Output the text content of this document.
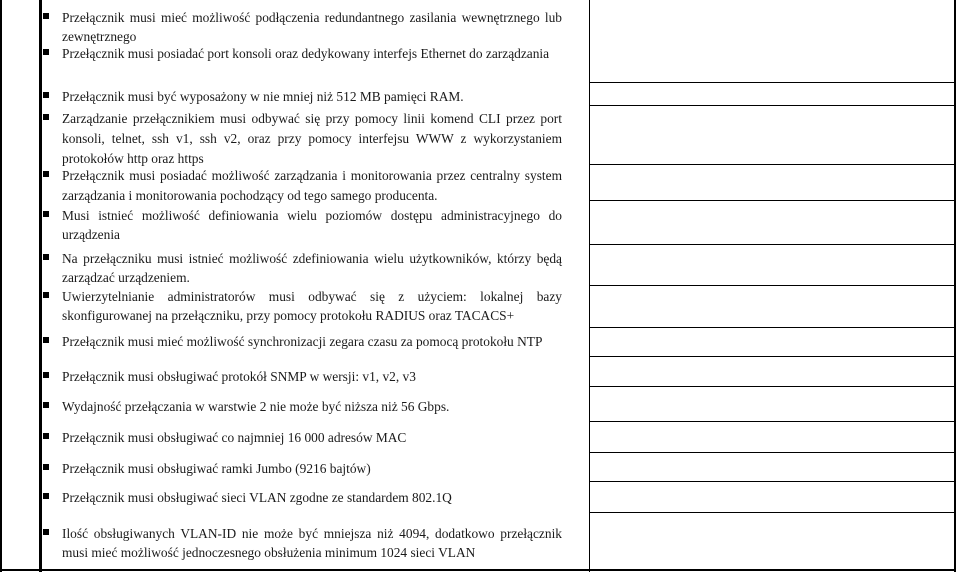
Przełącznik musi mieć możliwość podłączenia redundantnego zasilania wewnętrznego lub zewnętrznego
Przełącznik musi posiadać port konsoli oraz dedykowany interfejs Ethernet do zarządzania
Przełącznik musi być wyposażony w nie mniej niż 512 MB pamięci RAM.
Zarządzanie przełącznikiem musi odbywać się przy pomocy linii komend CLI przez port konsoli, telnet, ssh v1, ssh v2, oraz przy pomocy interfejsu WWW z wykorzystaniem protokołów http oraz https
Przełącznik musi posiadać możliwość zarządzania i monitorowania przez centralny system zarządzania i monitorowania pochodzący od tego samego producenta.
Musi istnieć możliwość definiowania wielu poziomów dostępu administracyjnego do urządzenia
Na przełączniku musi istnieć możliwość zdefiniowania wielu użytkowników, którzy będą zarządzać urządzeniem.
Uwierzytelnianie administratorów musi odbywać się z użyciem: lokalnej bazy skonfigurowanej na przełączniku, przy pomocy protokołu RADIUS oraz TACACS+
Przełącznik musi mieć możliwość synchronizacji zegara czasu za pomocą protokołu NTP
Przełącznik musi obsługiwać protokół SNMP w wersji: v1, v2, v3
Wydajność przełączania w warstwie 2 nie może być niższa niż 56 Gbps.
Przełącznik musi obsługiwać co najmniej 16 000 adresów MAC
Przełącznik musi obsługiwać ramki Jumbo (9216 bajtów)
Przełącznik musi obsługiwać sieci VLAN zgodne ze standardem 802.1Q
Ilość obsługiwanych VLAN-ID nie może być mniejsza niż 4094, dodatkowo przełącznik musi mieć możliwość jednoczesnego obsłużenia minimum 1024 sieci VLAN
